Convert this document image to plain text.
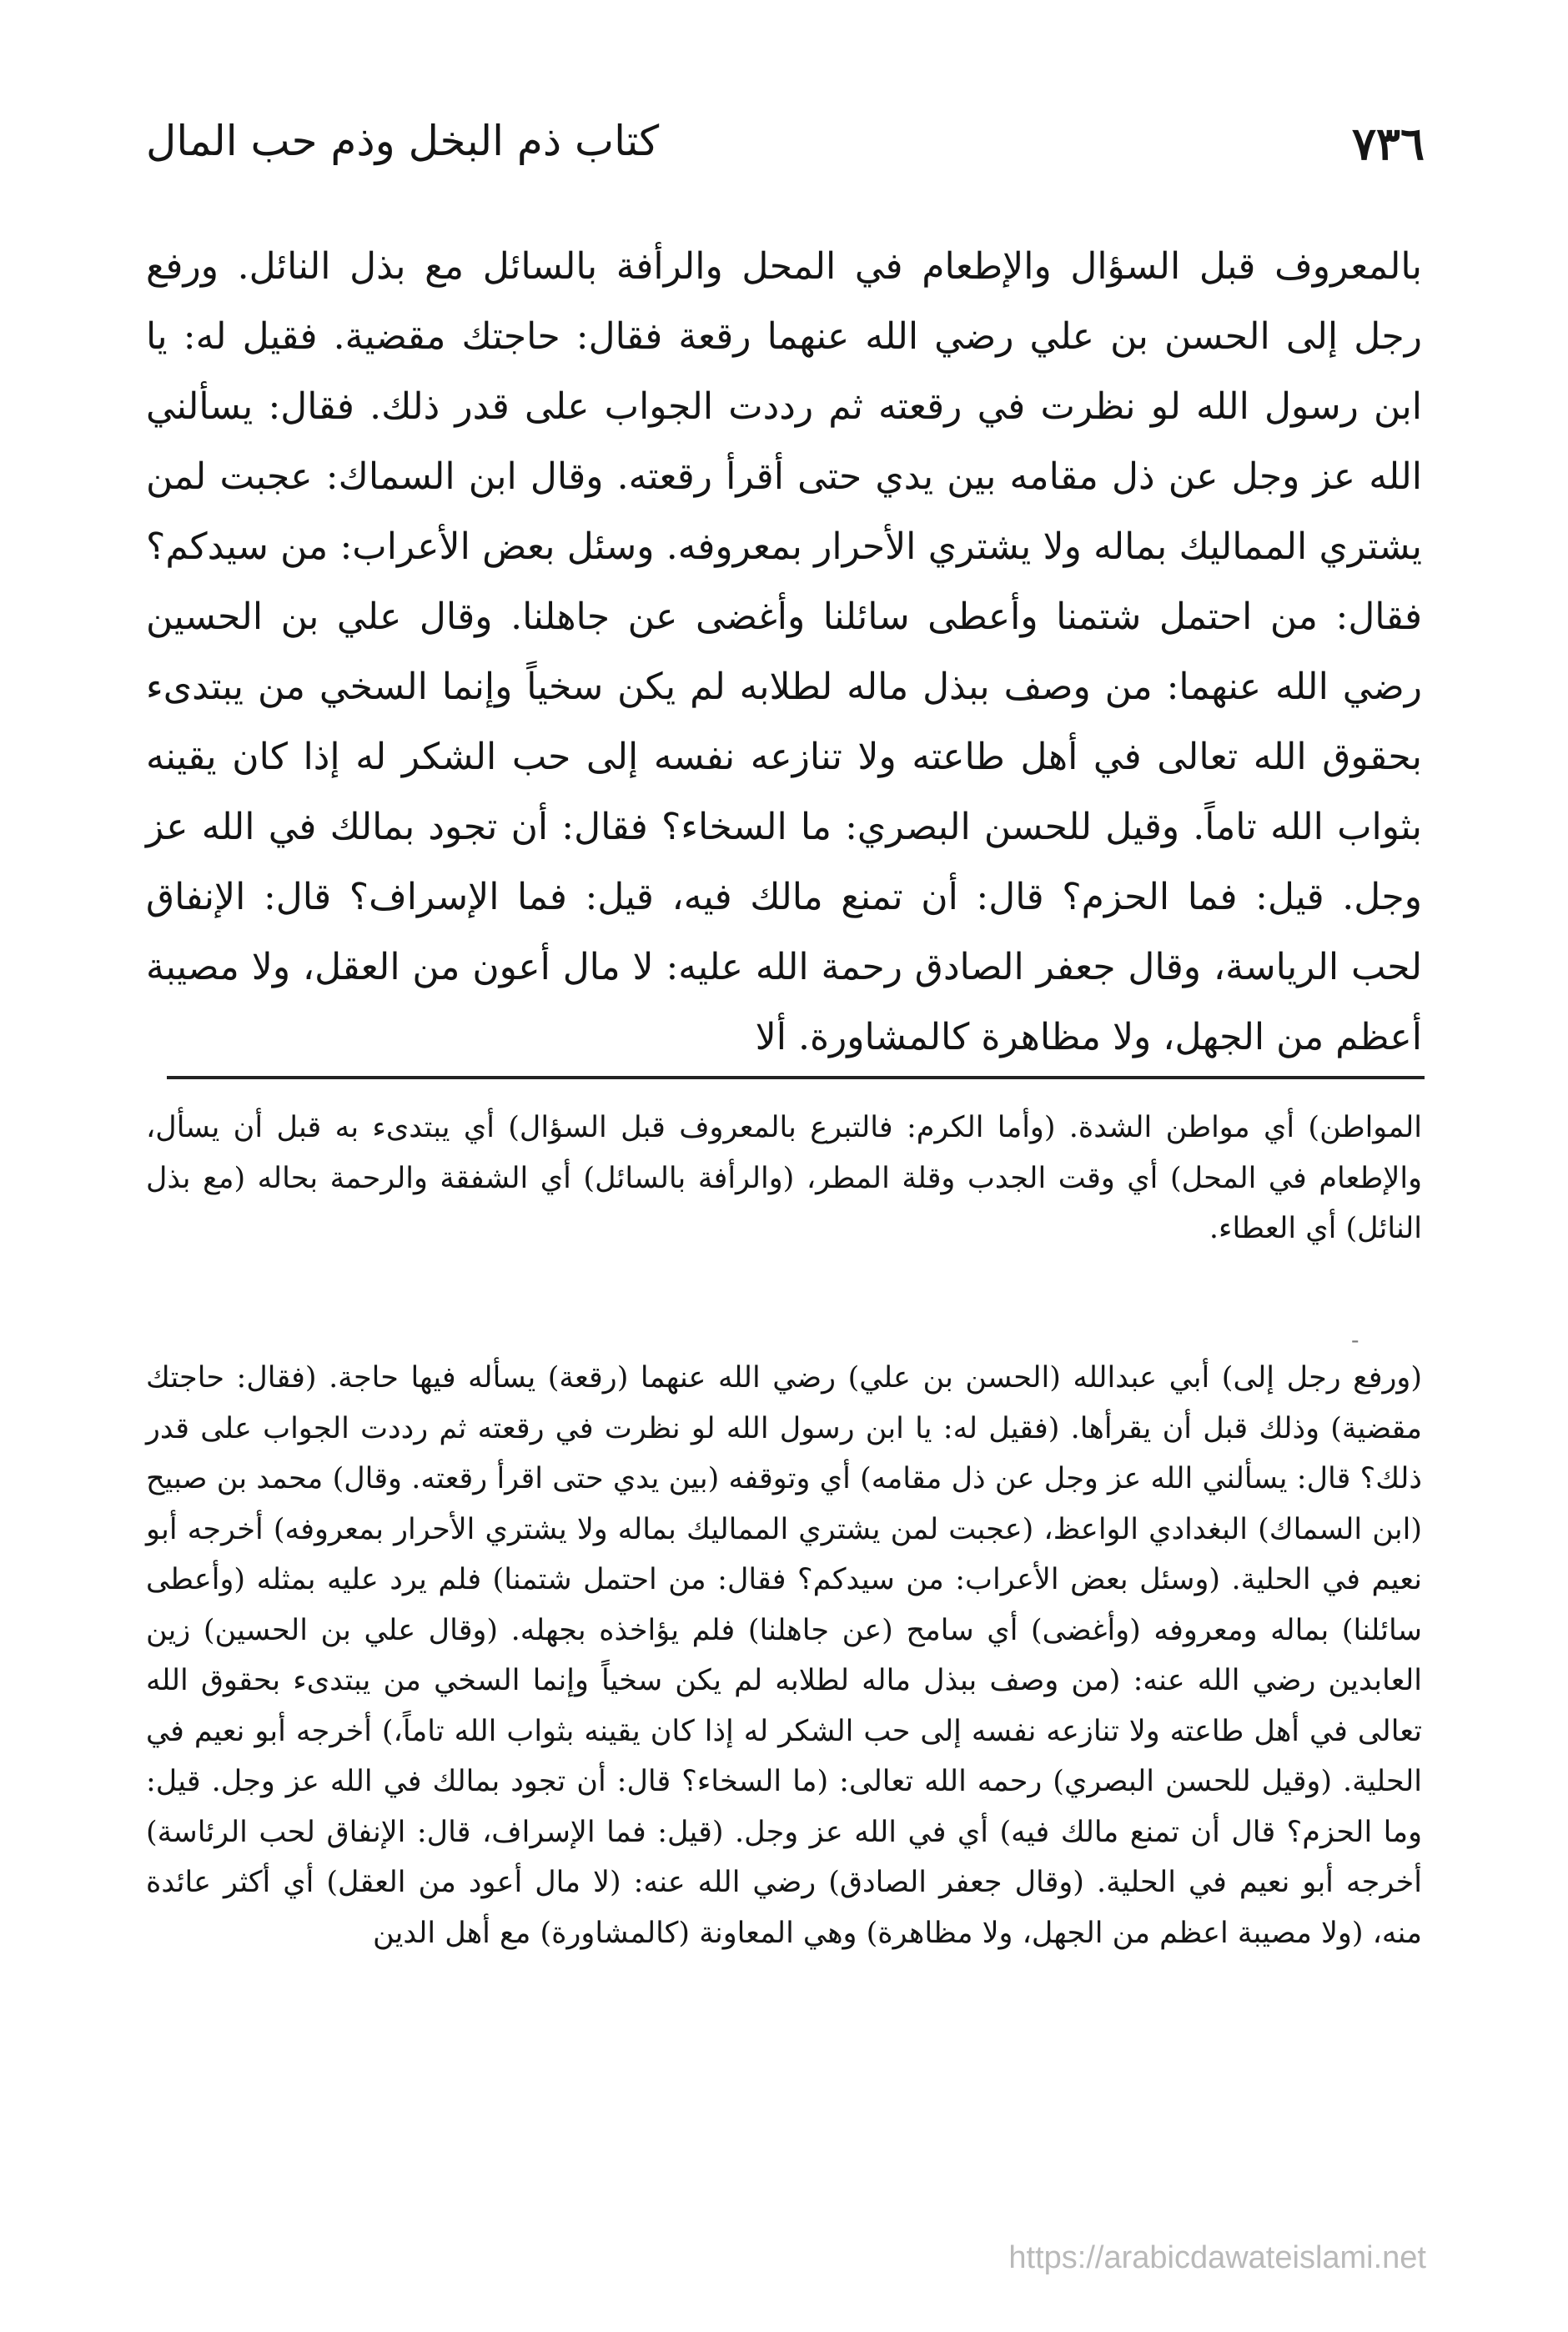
٧٣٦
كتاب ذم البخل وذم حب المال

بالمعروف قبل السؤال والإطعام في المحل والرأفة بالسائل مع بذل النائل. ورفع رجل إلى الحسن بن علي رضي الله عنهما رقعة فقال: حاجتك مقضية. فقيل له: يا ابن رسول الله لو نظرت في رقعته ثم رددت الجواب على قدر ذلك. فقال: يسألني الله عز وجل عن ذل مقامه بين يدي حتى أقرأ رقعته. وقال ابن السماك: عجبت لمن يشتري المماليك بماله ولا يشتري الأحرار بمعروفه. وسئل بعض الأعراب: من سيدكم؟ فقال: من احتمل شتمنا وأعطى سائلنا وأغضى عن جاهلنا. وقال علي بن الحسين رضي الله عنهما: من وصف ببذل ماله لطلابه لم يكن سخياً وإنما السخي من يبتدىء بحقوق الله تعالى في أهل طاعته ولا تنازعه نفسه إلى حب الشكر له إذا كان يقينه بثواب الله تاماً. وقيل للحسن البصري: ما السخاء؟ فقال: أن تجود بمالك في الله عز وجل. قيل: فما الحزم؟ قال: أن تمنع مالك فيه، قيل: فما الإسراف؟ قال: الإنفاق لحب الرياسة، وقال جعفر الصادق رحمة الله عليه: لا مال أعون من العقل، ولا مصيبة أعظم من الجهل، ولا مظاهرة كالمشاورة. ألا

المواطن) أي مواطن الشدة. (وأما الكرم: فالتبرع بالمعروف قبل السؤال) أي يبتدىء به قبل أن يسأل، والإطعام في المحل) أي وقت الجدب وقلة المطر، (والرأفة بالسائل) أي الشفقة والرحمة بحاله (مع بذل النائل) أي العطاء.

-

(ورفع رجل إلى) أبي عبدالله (الحسن بن علي) رضي الله عنهما (رقعة) يسأله فيها حاجة. (فقال: حاجتك مقضية) وذلك قبل أن يقرأها. (فقيل له: يا ابن رسول الله لو نظرت في رقعته ثم رددت الجواب على قدر ذلك؟ قال: يسألني الله عز وجل عن ذل مقامه) أي وتوقفه (بين يدي حتى اقرأ رقعته. وقال) محمد بن صبيح (ابن السماك) البغدادي الواعظ، (عجبت لمن يشتري المماليك بماله ولا يشتري الأحرار بمعروفه) أخرجه أبو نعيم في الحلية. (وسئل بعض الأعراب: من سيدكم؟ فقال: من احتمل شتمنا) فلم يرد عليه بمثله (وأعطى سائلنا) بماله ومعروفه (وأغضى) أي سامح (عن جاهلنا) فلم يؤاخذه بجهله. (وقال علي بن الحسين) زين العابدين رضي الله عنه: (من وصف ببذل ماله لطلابه لم يكن سخياً وإنما السخي من يبتدىء بحقوق الله تعالى في أهل طاعته ولا تنازعه نفسه إلى حب الشكر له إذا كان يقينه بثواب الله تاماً،) أخرجه أبو نعيم في الحلية. (وقيل للحسن البصري) رحمه الله تعالى: (ما السخاء؟ قال: أن تجود بمالك في الله عز وجل. قيل: وما الحزم؟ قال أن تمنع مالك فيه) أي في الله عز وجل. (قيل: فما الإسراف، قال: الإنفاق لحب الرئاسة) أخرجه أبو نعيم في الحلية. (وقال جعفر الصادق) رضي الله عنه: (لا مال أعود من العقل) أي أكثر عائدة منه، (ولا مصيبة اعظم من الجهل، ولا مظاهرة) وهي المعاونة (كالمشاورة) مع أهل الدين

https://arabicdawateislami.net
